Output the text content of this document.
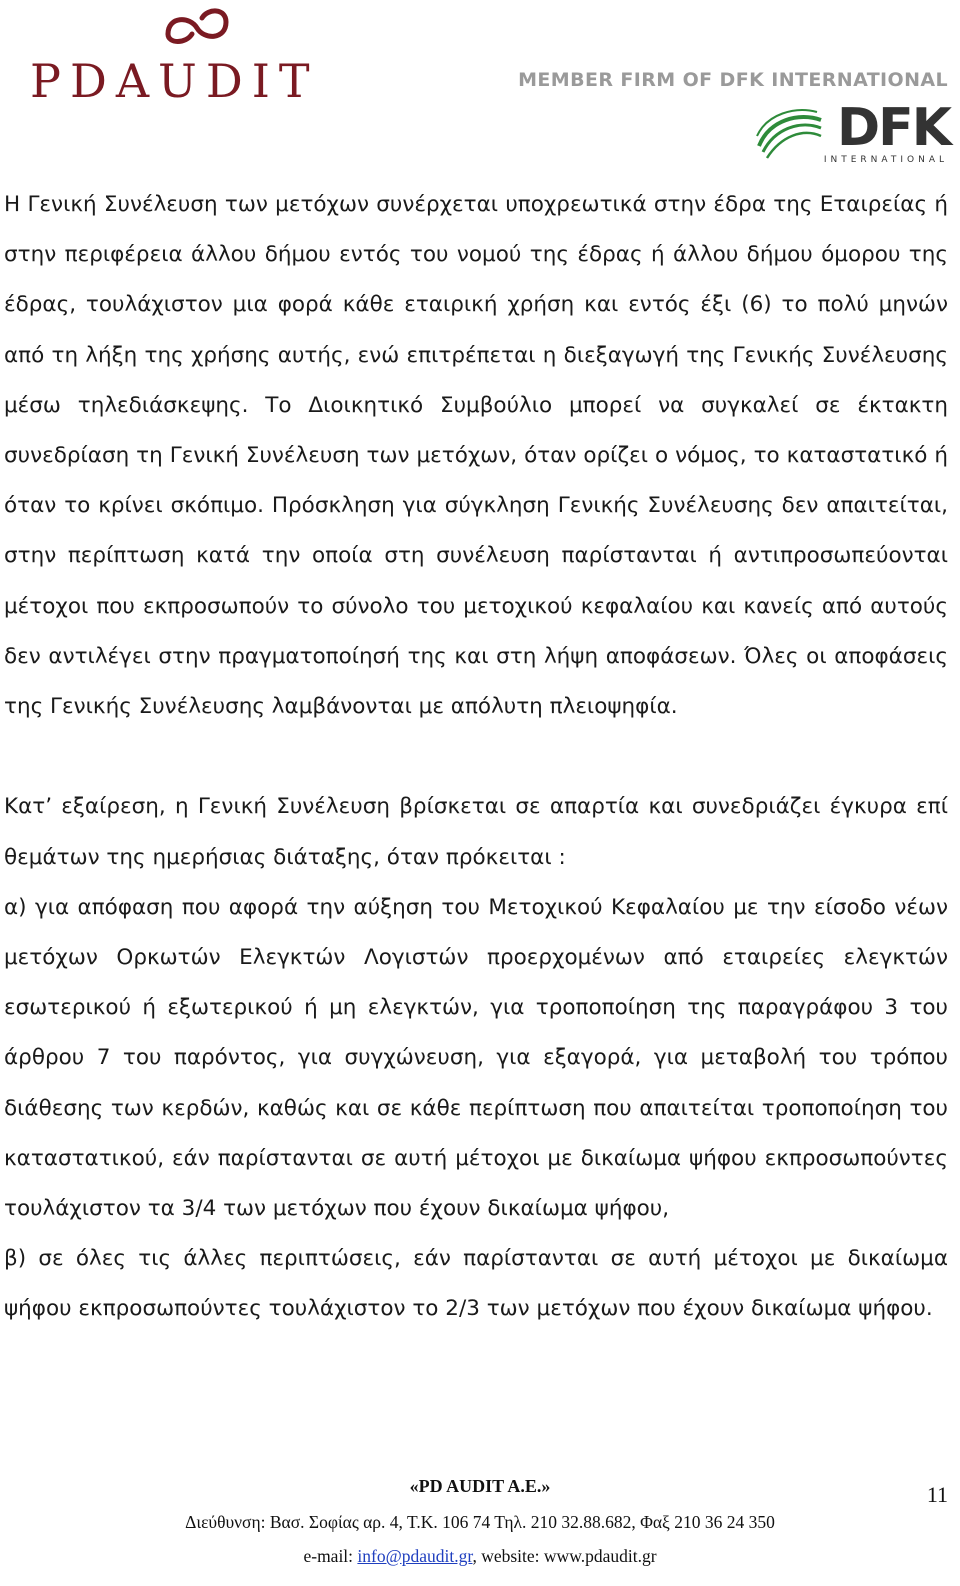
PDAUDIT	MEMBER FIRM OF DFK INTERNATIONAL
DFK
INTERNATIONAL

Η Γενική Συνέλευση των μετόχων συνέρχεται υποχρεωτικά στην έδρα της Εταιρείας ή στην περιφέρεια άλλου δήμου εντός του νομού της έδρας ή άλλου δήμου όμορου της έδρας, τουλάχιστον μια φορά κάθε εταιρική χρήση και εντός έξι (6) το πολύ μηνών από τη λήξη της χρήσης αυτής, ενώ επιτρέπεται η διεξαγωγή της Γενικής Συνέλευσης μέσω τηλεδιάσκεψης. Το Διοικητικό Συμβούλιο μπορεί να συγκαλεί σε έκτακτη συνεδρίαση τη Γενική Συνέλευση των μετόχων, όταν ορίζει ο νόμος, το καταστατικό ή όταν το κρίνει σκόπιμο. Πρόσκληση για σύγκληση Γενικής Συνέλευσης δεν απαιτείται, στην περίπτωση κατά την οποία στη συνέλευση παρίστανται ή αντιπροσωπεύονται μέτοχοι που εκπροσωπούν το σύνολο του μετοχικού κεφαλαίου και κανείς από αυτούς δεν αντιλέγει στην πραγματοποίησή της και στη λήψη αποφάσεων. Όλες οι αποφάσεις της Γενικής Συνέλευσης λαμβάνονται με απόλυτη πλειοψηφία.

Κατ’ εξαίρεση, η Γενική Συνέλευση βρίσκεται σε απαρτία και συνεδριάζει έγκυρα επί θεμάτων της ημερήσιας διάταξης, όταν πρόκειται :

α) για απόφαση που αφορά την αύξηση του Μετοχικού Κεφαλαίου με την είσοδο νέων μετόχων Ορκωτών Ελεγκτών Λογιστών προερχομένων από εταιρείες ελεγκτών εσωτερικού ή εξωτερικού ή μη ελεγκτών, για τροποποίηση της παραγράφου 3 του άρθρου 7 του παρόντος, για συγχώνευση, για εξαγορά, για μεταβολή του τρόπου διάθεσης των κερδών, καθώς και σε κάθε περίπτωση που απαιτείται τροποποίηση του καταστατικού, εάν παρίστανται σε αυτή μέτοχοι με δικαίωμα ψήφου εκπροσωπούντες τουλάχιστον τα 3/4 των μετόχων που έχουν δικαίωμα ψήφου,

β) σε όλες τις άλλες περιπτώσεις, εάν παρίστανται σε αυτή μέτοχοι με δικαίωμα ψήφου εκπροσωπούντες τουλάχιστον το 2/3 των μετόχων που έχουν δικαίωμα ψήφου.

«PD AUDIT A.E.»	11
Διεύθυνση: Βασ. Σοφίας αρ. 4, Τ.Κ. 106 74 Τηλ. 210 32.88.682, Φαξ 210 36 24 350
e-mail: info@pdaudit.gr, website: www.pdaudit.gr
